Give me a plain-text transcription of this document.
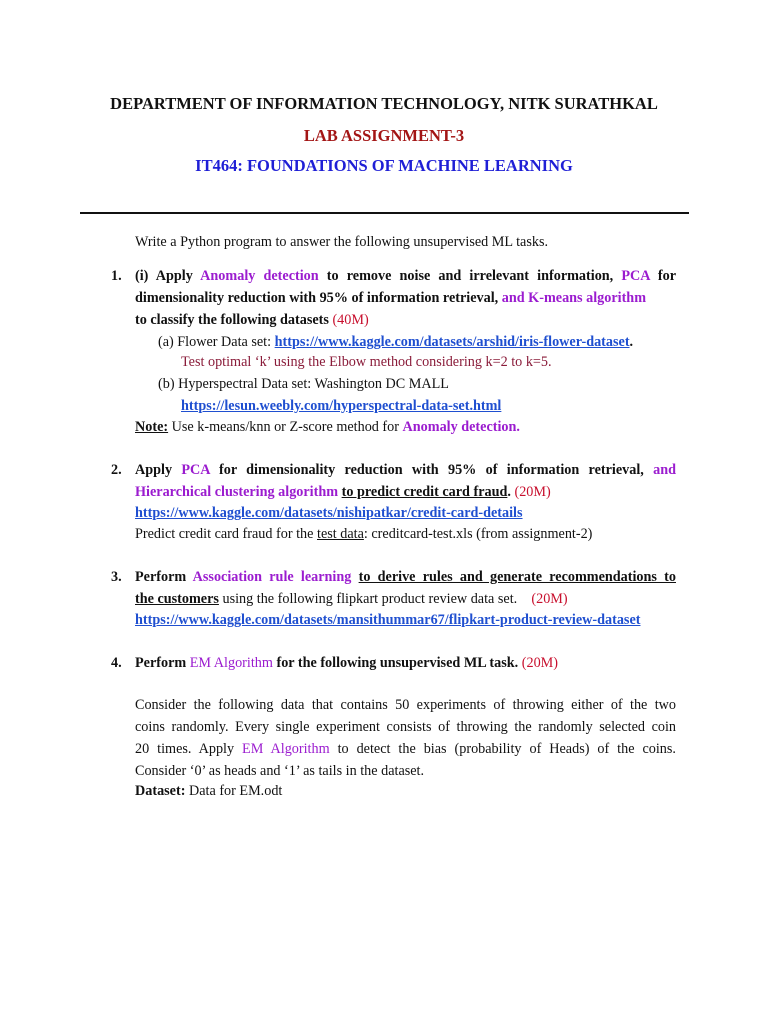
DEPARTMENT OF INFORMATION TECHNOLOGY, NITK SURATHKAL
LAB ASSIGNMENT-3
IT464: FOUNDATIONS OF MACHINE LEARNING
Write a Python program to answer the following unsupervised ML tasks.
1. (i) Apply Anomaly detection to remove noise and irrelevant information, PCA for
dimensionality reduction with 95% of information retrieval, and K-means algorithm
to classify the following datasets (40M)
(a) Flower Data set: https://www.kaggle.com/datasets/arshid/iris-flower-dataset.
Test optimal ‘k’ using the Elbow method considering k=2 to k=5.
(b) Hyperspectral Data set: Washington DC MALL
https://lesun.weebly.com/hyperspectral-data-set.html
Note: Use k-means/knn or Z-score method for Anomaly detection.
2. Apply PCA for dimensionality reduction with 95% of information retrieval, and
Hierarchical clustering algorithm to predict credit card fraud. (20M)
https://www.kaggle.com/datasets/nishipatkar/credit-card-details
Predict credit card fraud for the test data: creditcard-test.xls (from assignment-2)
3. Perform Association rule learning to derive rules and generate recommendations to
the customers using the following flipkart product review data set. (20M)
https://www.kaggle.com/datasets/mansithummar67/flipkart-product-review-dataset
4. Perform EM Algorithm for the following unsupervised ML task. (20M)
Consider the following data that contains 50 experiments of throwing either of the two
coins randomly. Every single experiment consists of throwing the randomly selected coin
20 times. Apply EM Algorithm to detect the bias (probability of Heads) of the coins.
Consider ‘0’ as heads and ‘1’ as tails in the dataset.
Dataset: Data for EM.odt
